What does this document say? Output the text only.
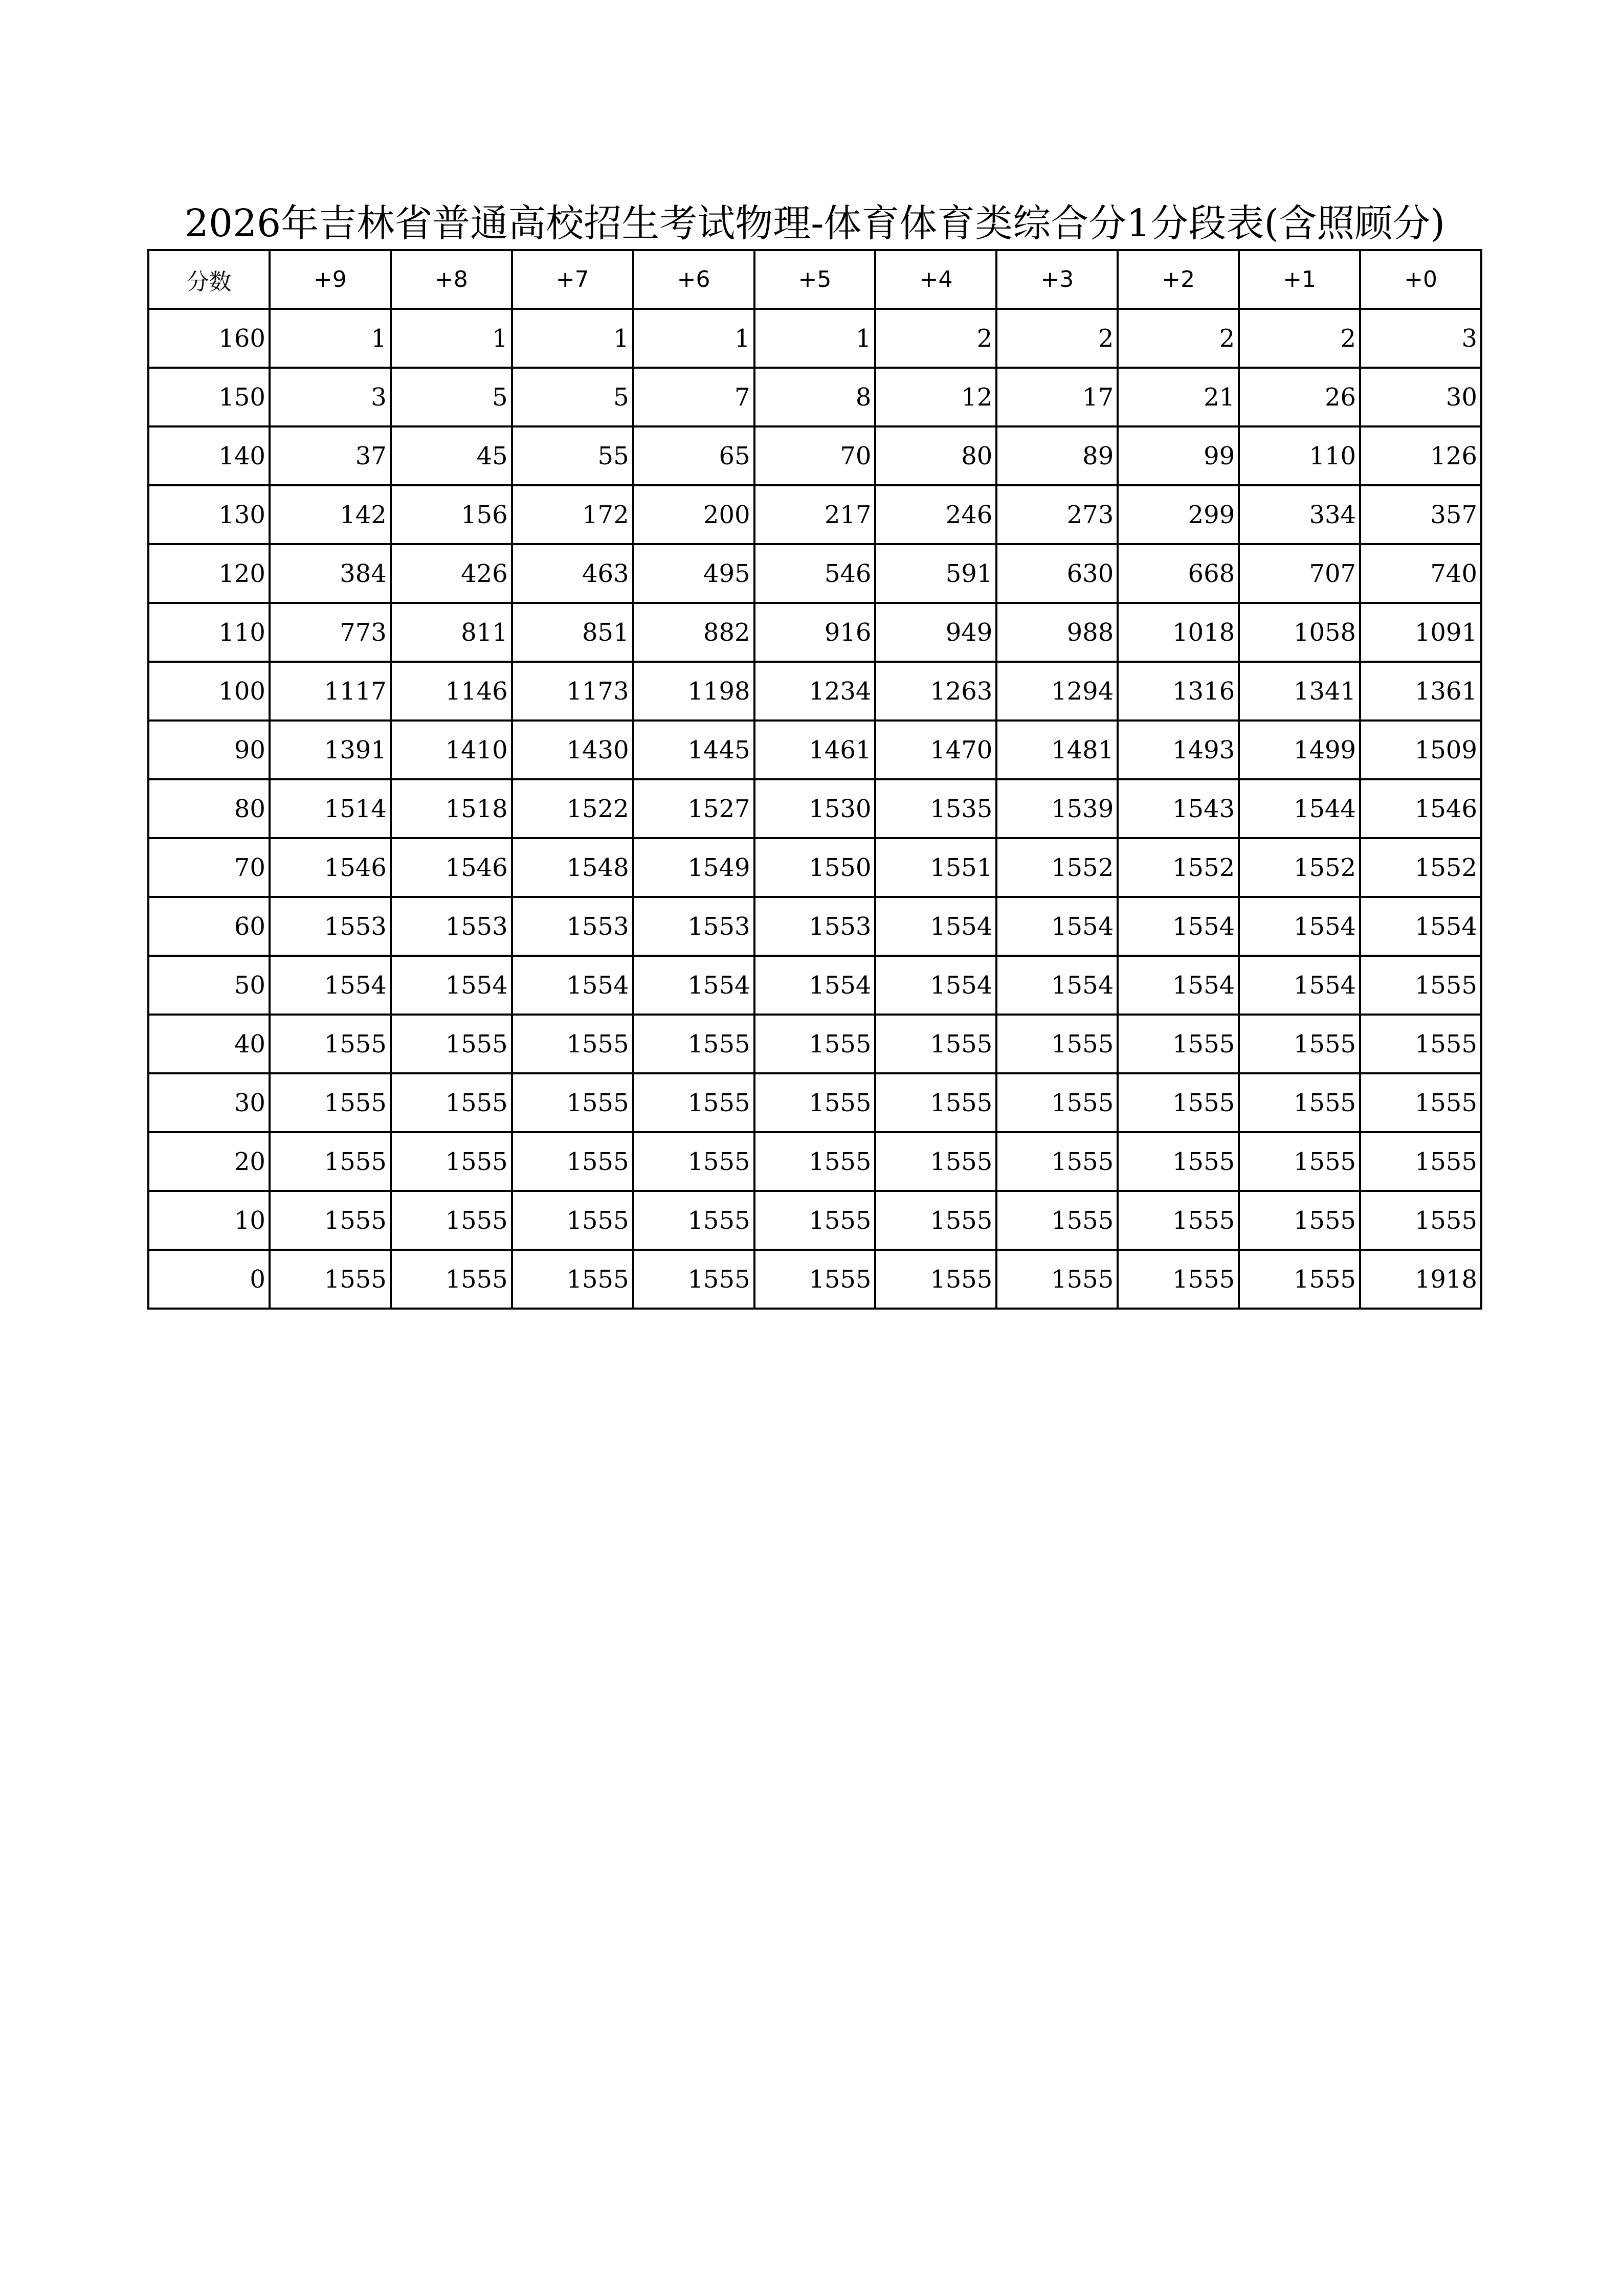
2026年吉林省普通高校招生考试物理-体育体育类综合分1分段表(含照顾分)
分数	+9	+8	+7	+6	+5	+4	+3	+2	+1	+0
160	1	1	1	1	1	2	2	2	2	3
150	3	5	5	7	8	12	17	21	26	30
140	37	45	55	65	70	80	89	99	110	126
130	142	156	172	200	217	246	273	299	334	357
120	384	426	463	495	546	591	630	668	707	740
110	773	811	851	882	916	949	988	1018	1058	1091
100	1117	1146	1173	1198	1234	1263	1294	1316	1341	1361
90	1391	1410	1430	1445	1461	1470	1481	1493	1499	1509
80	1514	1518	1522	1527	1530	1535	1539	1543	1544	1546
70	1546	1546	1548	1549	1550	1551	1552	1552	1552	1552
60	1553	1553	1553	1553	1553	1554	1554	1554	1554	1554
50	1554	1554	1554	1554	1554	1554	1554	1554	1554	1555
40	1555	1555	1555	1555	1555	1555	1555	1555	1555	1555
30	1555	1555	1555	1555	1555	1555	1555	1555	1555	1555
20	1555	1555	1555	1555	1555	1555	1555	1555	1555	1555
10	1555	1555	1555	1555	1555	1555	1555	1555	1555	1555
0	1555	1555	1555	1555	1555	1555	1555	1555	1555	1918
